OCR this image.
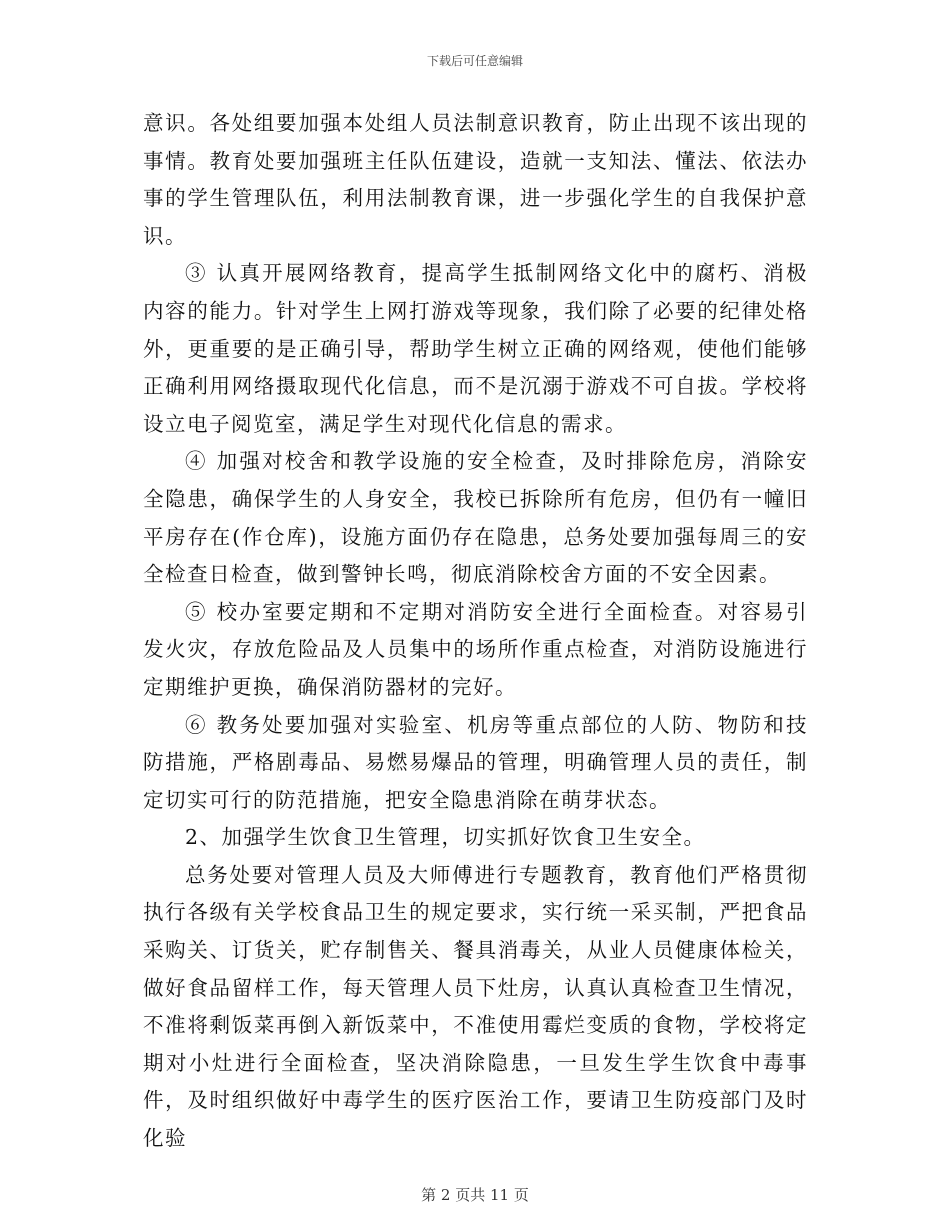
下载后可任意编辑

意识。各处组要加强本处组人员法制意识教育，防止出现不该出现的事情。教育处要加强班主任队伍建设，造就一支知法、懂法、依法办事的学生管理队伍，利用法制教育课，进一步强化学生的自我保护意识。

③ 认真开展网络教育，提高学生抵制网络文化中的腐朽、消极内容的能力。针对学生上网打游戏等现象，我们除了必要的纪律处格外，更重要的是正确引导，帮助学生树立正确的网络观，使他们能够正确利用网络摄取现代化信息，而不是沉溺于游戏不可自拔。学校将设立电子阅览室，满足学生对现代化信息的需求。

④ 加强对校舍和教学设施的安全检查，及时排除危房，消除安全隐患，确保学生的人身安全，我校已拆除所有危房，但仍有一幢旧平房存在(作仓库)，设施方面仍存在隐患，总务处要加强每周三的安全检查日检查，做到警钟长鸣，彻底消除校舍方面的不安全因素。

⑤ 校办室要定期和不定期对消防安全进行全面检查。对容易引发火灾，存放危险品及人员集中的场所作重点检查，对消防设施进行定期维护更换，确保消防器材的完好。

⑥ 教务处要加强对实验室、机房等重点部位的人防、物防和技防措施，严格剧毒品、易燃易爆品的管理，明确管理人员的责任，制定切实可行的防范措施，把安全隐患消除在萌芽状态。

2、加强学生饮食卫生管理，切实抓好饮食卫生安全。

总务处要对管理人员及大师傅进行专题教育，教育他们严格贯彻执行各级有关学校食品卫生的规定要求，实行统一采买制，严把食品采购关、订货关，贮存制售关、餐具消毒关，从业人员健康体检关，做好食品留样工作，每天管理人员下灶房，认真认真检查卫生情况，不准将剩饭菜再倒入新饭菜中，不准使用霉烂变质的食物，学校将定期对小灶进行全面检查，坚决消除隐患，一旦发生学生饮食中毒事件，及时组织做好中毒学生的医疗医治工作，要请卫生防疫部门及时化验

第 2 页共 11 页
